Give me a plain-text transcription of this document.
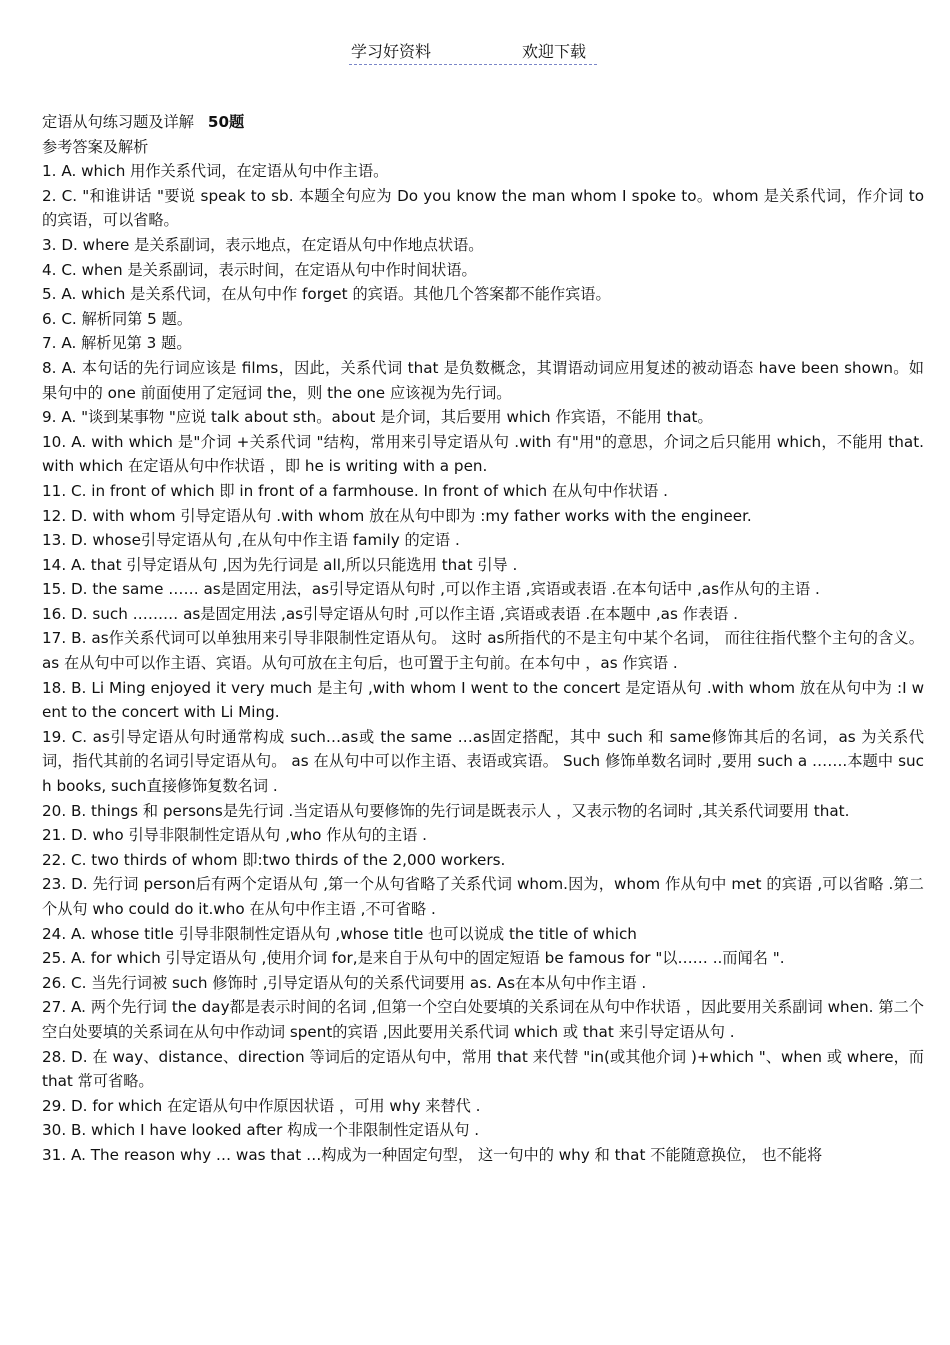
学习好资料	欢迎下载

定语从句练习题及详解 50题

参考答案及解析

1. A. which 用作关系代词，在定语从句中作主语。

2. C. "和谁讲话 "要说 speak to sb. 本题全句应为 Do you know the man whom I spoke to。whom 是关系代词，作介词 to 的宾语，可以省略。

3. D. where 是关系副词，表示地点，在定语从句中作地点状语。

4. C. when 是关系副词，表示时间，在定语从句中作时间状语。

5. A. which 是关系代词，在从句中作 forget 的宾语。其他几个答案都不能作宾语。

6. C. 解析同第 5 题。

7. A. 解析见第 3 题。

8. A. 本句话的先行词应该是 films，因此，关系代词 that 是负数概念，其谓语动词应用复述的被动语态 have been shown。如果句中的 one 前面使用了定冠词 the，则 the one 应该视为先行词。

9. A. "谈到某事物 "应说 talk about sth。about 是介词，其后要用 which 作宾语，不能用 that。

10. A. with which 是"介词 +关系代词 "结构，常用来引导定语从句 .with 有"用"的意思，介词之后只能用 which，不能用 that. with which 在定语从句中作状语 ，即 he is writing with a pen.

11. C. in front of which 即 in front of a farmhouse. In front of which 在从句中作状语 .

12. D. with whom 引导定语从句 .with whom 放在从句中即为 :my father works with the engineer.

13. D. whose引导定语从句 ,在从句中作主语 family 的定语 .

14. A. that 引导定语从句 ,因为先行词是 all,所以只能选用 that 引导 .

15. D. the same …… as是固定用法，as引导定语从句时 ,可以作主语 ,宾语或表语 .在本句话中 ,as作从句的主语 .

16. D. such ……… as是固定用法 ,as引导定语从句时 ,可以作主语 ,宾语或表语 .在本题中 ,as 作表语 .

17. B. as作关系代词可以单独用来引导非限制性定语从句。 这时 as所指代的不是主句中某个名词， 而往往指代整个主句的含义。 as 在从句中可以作主语、宾语。从句可放在主句后，也可置于主句前。在本句中 ，as 作宾语 .

18. B. Li Ming enjoyed it very much 是主句 ,with whom I went to the concert 是定语从句 .with whom 放在从句中为 :I went to the concert with Li Ming.

19. C. as引导定语从句时通常构成 such…as或 the same …as固定搭配，其中 such 和 same修饰其后的名词，as 为关系代词，指代其前的名词引导定语从句。 as 在从句中可以作主语、表语或宾语。 Such 修饰单数名词时 ,要用 such a …….本题中 such books, such直接修饰复数名词 .

20. B. things 和 persons是先行词 .当定语从句要修饰的先行词是既表示人 ，又表示物的名词时 ,其关系代词要用 that.

21. D. who 引导非限制性定语从句 ,who 作从句的主语 .

22. C. two thirds of whom 即:two thirds of the 2,000 workers.

23. D. 先行词 person后有两个定语从句 ,第一个从句省略了关系代词 whom.因为，whom 作从句中 met 的宾语 ,可以省略 .第二个从句 who could do it.who 在从句中作主语 ,不可省略 .

24. A. whose title 引导非限制性定语从句 ,whose title 也可以说成 the title of which

25. A. for which 引导定语从句 ,使用介词 for,是来自于从句中的固定短语 be famous for "以…… ..而闻名 ".

26. C. 当先行词被 such 修饰时 ,引导定语从句的关系代词要用 as. As在本从句中作主语 .

27. A. 两个先行词 the day都是表示时间的名词 ,但第一个空白处要填的关系词在从句中作状语 ，因此要用关系副词 when. 第二个空白处要填的关系词在从句中作动词 spent的宾语 ,因此要用关系代词 which 或 that 来引导定语从句 .

28. D. 在 way、distance、direction 等词后的定语从句中，常用 that 来代替 "in(或其他介词 )+which "、when 或 where，而 that 常可省略。

29. D. for which 在定语从句中作原因状语 ，可用 why 来替代 .

30. B. which I have looked after 构成一个非限制性定语从句 .

31. A. The reason why … was that …构成为一种固定句型， 这一句中的 why 和 that 不能随意换位， 也不能将
